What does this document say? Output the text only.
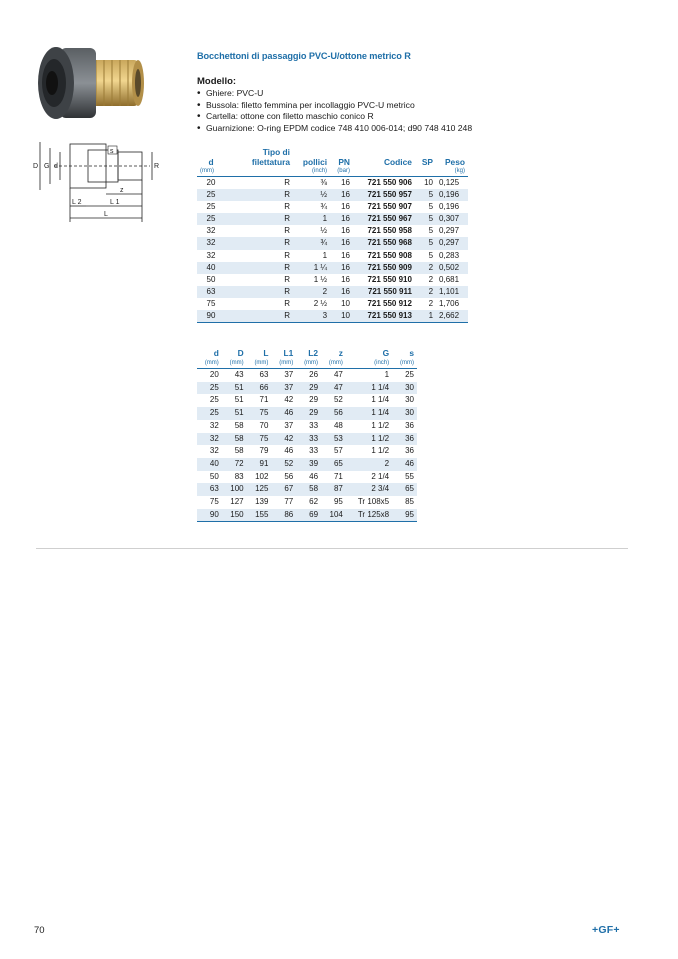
D G d
s
R
z
L 2	L 1
L
Bocchettoni di passaggio PVC-U/ottone metrico R
Modello:
• Ghiere: PVC-U
• Bussola: filetto femmina per incollaggio PVC-U metrico
• Cartella: ottone con filetto maschio conico R
• Guarnizione: O-ring EPDM codice 748 410 006-014; d90 748 410 248
d	Tipo di filettatura	pollici	PN	Codice	SP	Peso
(mm)		(inch)	(bar)			(kg)
20	R	⅜	16	721 550 906	10	0,125
25	R	½	16	721 550 957	5	0,196
25	R	¾	16	721 550 907	5	0,196
25	R	1	16	721 550 967	5	0,307
32	R	½	16	721 550 958	5	0,297
32	R	¾	16	721 550 968	5	0,297
32	R	1	16	721 550 908	5	0,283
40	R	1 ¼	16	721 550 909	2	0,502
50	R	1 ½	16	721 550 910	2	0,681
63	R	2	16	721 550 911	2	1,101
75	R	2 ½	10	721 550 912	2	1,706
90	R	3	10	721 550 913	1	2,662
d	D	L	L1	L2	z	G	s
(mm)	(mm)	(mm)	(mm)	(mm)	(mm)	(inch)	(mm)
20	43	63	37	26	47	1	25
25	51	66	37	29	47	1 1/4	30
25	51	71	42	29	52	1 1/4	30
25	51	75	46	29	56	1 1/4	30
32	58	70	37	33	48	1 1/2	36
32	58	75	42	33	53	1 1/2	36
32	58	79	46	33	57	1 1/2	36
40	72	91	52	39	65	2	46
50	83	102	56	46	71	2 1/4	55
63	100	125	67	58	87	2 3/4	65
75	127	139	77	62	95	Tr 108x5	85
90	150	155	86	69	104	Tr 125x8	95
70	+GF+
